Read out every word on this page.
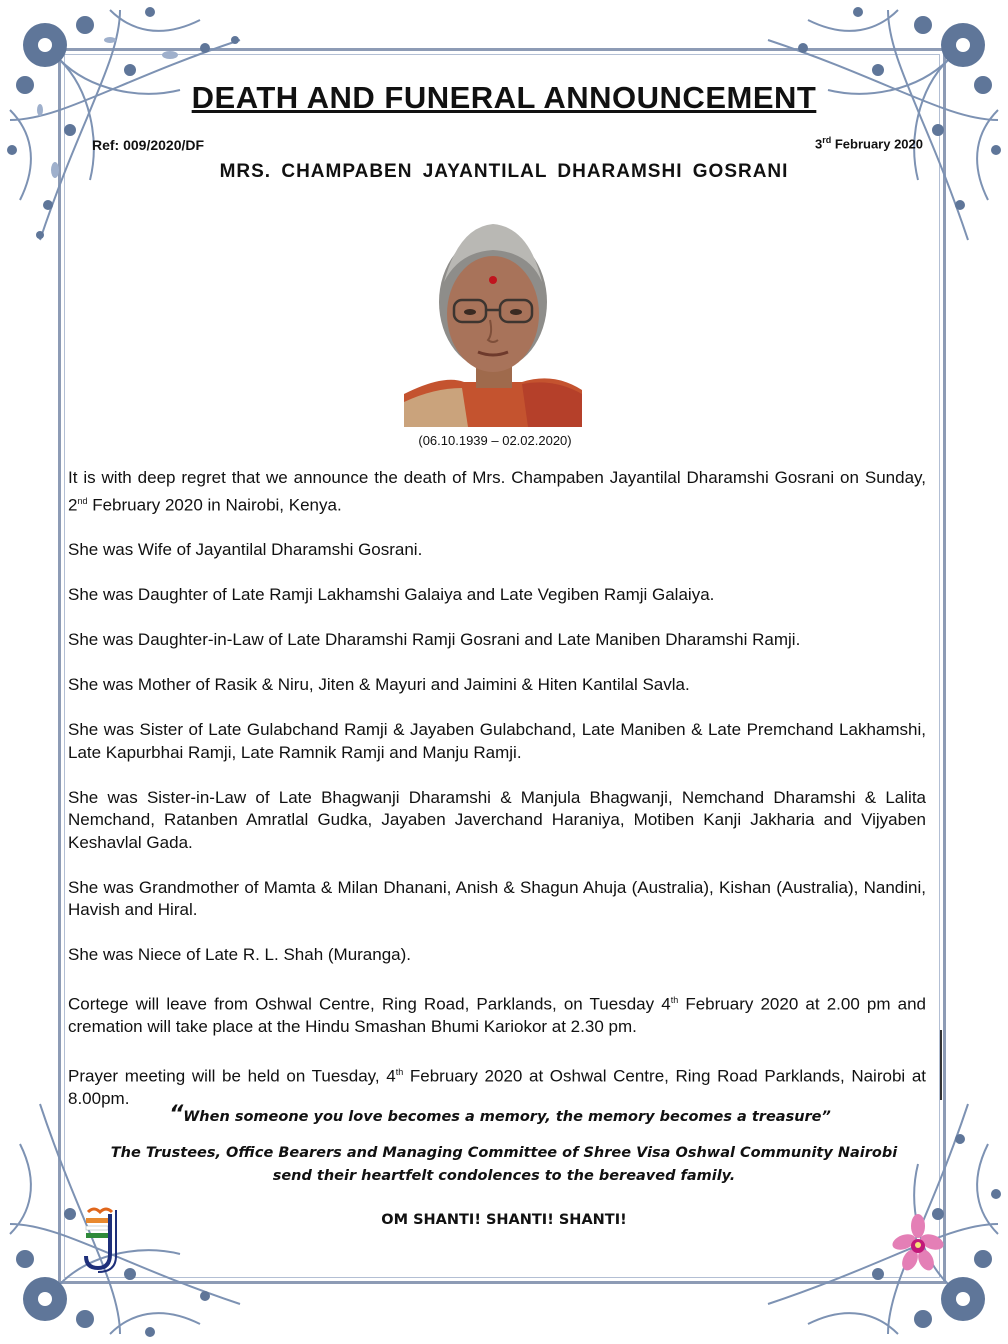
DEATH AND FUNERAL ANNOUNCEMENT
Ref: 009/2020/DF	3rd February 2020
MRS. CHAMPABEN JAYANTILAL DHARAMSHI GOSRANI
(06.10.1939 – 02.02.2020)

It is with deep regret that we announce the death of Mrs. Champaben Jayantilal Dharamshi Gosrani on Sunday, 2nd February 2020 in Nairobi, Kenya.

She was Wife of Jayantilal Dharamshi Gosrani.

She was Daughter of Late Ramji Lakhamshi Galaiya and Late Vegiben Ramji Galaiya.

She was Daughter-in-Law of Late Dharamshi Ramji Gosrani and Late Maniben Dharamshi Ramji.

She was Mother of Rasik & Niru, Jiten & Mayuri and Jaimini & Hiten Kantilal Savla.

She was Sister of Late Gulabchand Ramji & Jayaben Gulabchand, Late Maniben & Late Premchand Lakhamshi, Late Kapurbhai Ramji, Late Ramnik Ramji and Manju Ramji.

She was Sister-in-Law of Late Bhagwanji Dharamshi & Manjula Bhagwanji, Nemchand Dharamshi & Lalita Nemchand, Ratanben Amratlal Gudka, Jayaben Javerchand Haraniya, Motiben Kanji Jakharia and Vijyaben Keshavlal Gada.

She was Grandmother of Mamta & Milan Dhanani, Anish & Shagun Ahuja (Australia), Kishan (Australia), Nandini, Havish and Hiral.

She was Niece of Late R. L. Shah (Muranga).

Cortege will leave from Oshwal Centre, Ring Road, Parklands, on Tuesday 4th February 2020 at 2.00 pm and cremation will take place at the Hindu Smashan Bhumi Kariokor at 2.30 pm.

Prayer meeting will be held on Tuesday, 4th February 2020 at Oshwal Centre, Ring Road Parklands, Nairobi at 8.00pm.

“When someone you love becomes a memory, the memory becomes a treasure”
The Trustees, Office Bearers and Managing Committee of Shree Visa Oshwal Community Nairobi
send their heartfelt condolences to the bereaved family.
OM SHANTI! SHANTI! SHANTI!
